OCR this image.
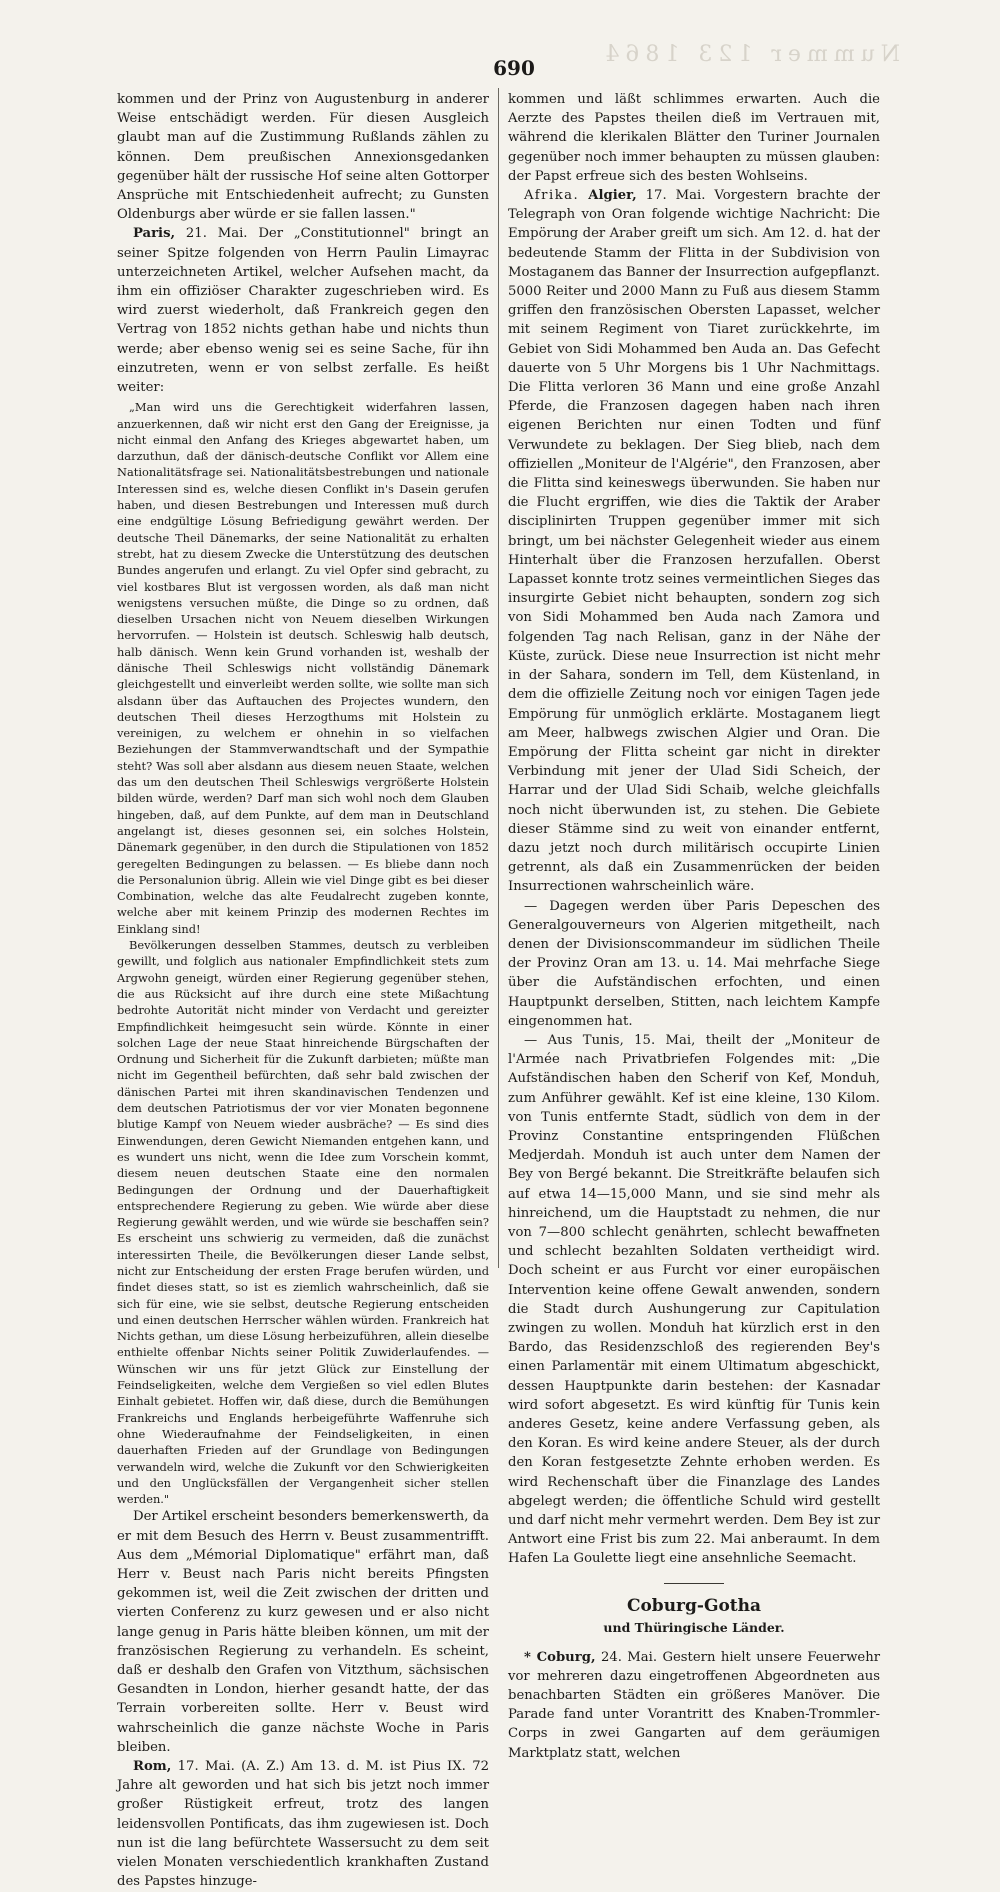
Nummer 123 1864
690

kommen und der Prinz von Augustenburg in anderer Weise entschädigt werden. Für diesen Ausgleich glaubt man auf die Zustimmung Rußlands zählen zu können. Dem preußischen Annexionsgedanken gegenüber hält der russische Hof seine alten Gottorper Ansprüche mit Entschiedenheit aufrecht; zu Gunsten Oldenburgs aber würde er sie fallen lassen."

Paris, 21. Mai. Der „Constitutionnel" bringt an seiner Spitze folgenden von Herrn Paulin Limayrac unterzeichneten Artikel, welcher Aufsehen macht, da ihm ein offiziöser Charakter zugeschrieben wird. Es wird zuerst wiederholt, daß Frankreich gegen den Vertrag von 1852 nichts gethan habe und nichts thun werde; aber ebenso wenig sei es seine Sache, für ihn einzutreten, wenn er von selbst zerfalle. Es heißt weiter:

„Man wird uns die Gerechtigkeit widerfahren lassen, anzuerkennen, daß wir nicht erst den Gang der Ereignisse, ja nicht einmal den Anfang des Krieges abgewartet haben, um darzuthun, daß der dänisch-deutsche Conflikt vor Allem eine Nationalitätsfrage sei. Nationalitätsbestrebungen und nationale Interessen sind es, welche diesen Conflikt in's Dasein gerufen haben, und diesen Bestrebungen und Interessen muß durch eine endgültige Lösung Befriedigung gewährt werden. Der deutsche Theil Dänemarks, der seine Nationalität zu erhalten strebt, hat zu diesem Zwecke die Unterstützung des deutschen Bundes angerufen und erlangt. Zu viel Opfer sind gebracht, zu viel kostbares Blut ist vergossen worden, als daß man nicht wenigstens versuchen müßte, die Dinge so zu ordnen, daß dieselben Ursachen nicht von Neuem dieselben Wirkungen hervorrufen. — Holstein ist deutsch. Schleswig halb deutsch, halb dänisch. Wenn kein Grund vorhanden ist, weshalb der dänische Theil Schleswigs nicht vollständig Dänemark gleichgestellt und einverleibt werden sollte, wie sollte man sich alsdann über das Auftauchen des Projectes wundern, den deutschen Theil dieses Herzogthums mit Holstein zu vereinigen, zu welchem er ohnehin in so vielfachen Beziehungen der Stammverwandtschaft und der Sympathie steht? Was soll aber alsdann aus diesem neuen Staate, welchen das um den deutschen Theil Schleswigs vergrößerte Holstein bilden würde, werden? Darf man sich wohl noch dem Glauben hingeben, daß, auf dem Punkte, auf dem man in Deutschland angelangt ist, dieses gesonnen sei, ein solches Holstein, Dänemark gegenüber, in den durch die Stipulationen von 1852 geregelten Bedingungen zu belassen. — Es bliebe dann noch die Personalunion übrig. Allein wie viel Dinge gibt es bei dieser Combination, welche das alte Feudalrecht zugeben konnte, welche aber mit keinem Prinzip des modernen Rechtes im Einklang sind!

Bevölkerungen desselben Stammes, deutsch zu verbleiben gewillt, und folglich aus nationaler Empfindlichkeit stets zum Argwohn geneigt, würden einer Regierung gegenüber stehen, die aus Rücksicht auf ihre durch eine stete Mißachtung bedrohte Autorität nicht minder von Verdacht und gereizter Empfindlichkeit heimgesucht sein würde. Könnte in einer solchen Lage der neue Staat hinreichende Bürgschaften der Ordnung und Sicherheit für die Zukunft darbieten; müßte man nicht im Gegentheil befürchten, daß sehr bald zwischen der dänischen Partei mit ihren skandinavischen Tendenzen und dem deutschen Patriotismus der vor vier Monaten begonnene blutige Kampf von Neuem wieder ausbräche? — Es sind dies Einwendungen, deren Gewicht Niemanden entgehen kann, und es wundert uns nicht, wenn die Idee zum Vorschein kommt, diesem neuen deutschen Staate eine den normalen Bedingungen der Ordnung und der Dauerhaftigkeit entsprechendere Regierung zu geben. Wie würde aber diese Regierung gewählt werden, und wie würde sie beschaffen sein? Es erscheint uns schwierig zu vermeiden, daß die zunächst interessirten Theile, die Bevölkerungen dieser Lande selbst, nicht zur Entscheidung der ersten Frage berufen würden, und findet dieses statt, so ist es ziemlich wahrscheinlich, daß sie sich für eine, wie sie selbst, deutsche Regierung entscheiden und einen deutschen Herrscher wählen würden. Frankreich hat Nichts gethan, um diese Lösung herbeizuführen, allein dieselbe enthielte offenbar Nichts seiner Politik Zuwiderlaufendes. — Wünschen wir uns für jetzt Glück zur Einstellung der Feindseligkeiten, welche dem Vergießen so viel edlen Blutes Einhalt gebietet. Hoffen wir, daß diese, durch die Bemühungen Frankreichs und Englands herbeigeführte Waffenruhe sich ohne Wiederaufnahme der Feindseligkeiten, in einen dauerhaften Frieden auf der Grundlage von Bedingungen verwandeln wird, welche die Zukunft vor den Schwierigkeiten und den Unglücksfällen der Vergangenheit sicher stellen werden."

Der Artikel erscheint besonders bemerkenswerth, da er mit dem Besuch des Herrn v. Beust zusammentrifft. Aus dem „Mémorial Diplomatique" erfährt man, daß Herr v. Beust nach Paris nicht bereits Pfingsten gekommen ist, weil die Zeit zwischen der dritten und vierten Conferenz zu kurz gewesen und er also nicht lange genug in Paris hätte bleiben können, um mit der französischen Regierung zu verhandeln. Es scheint, daß er deshalb den Grafen von Vitzthum, sächsischen Gesandten in London, hierher gesandt hatte, der das Terrain vorbereiten sollte. Herr v. Beust wird wahrscheinlich die ganze nächste Woche in Paris bleiben.

Rom, 17. Mai. (A. Z.) Am 13. d. M. ist Pius IX. 72 Jahre alt geworden und hat sich bis jetzt noch immer großer Rüstigkeit erfreut, trotz des langen leidensvollen Pontificats, das ihm zugewiesen ist. Doch nun ist die lang befürchtete Wassersucht zu dem seit vielen Monaten verschiedentlich krankhaften Zustand des Papstes hinzuge-

kommen und läßt schlimmes erwarten. Auch die Aerzte des Papstes theilen dieß im Vertrauen mit, während die klerikalen Blätter den Turiner Journalen gegenüber noch immer behaupten zu müssen glauben: der Papst erfreue sich des besten Wohlseins.

Afrika. Algier, 17. Mai. Vorgestern brachte der Telegraph von Oran folgende wichtige Nachricht: Die Empörung der Araber greift um sich. Am 12. d. hat der bedeutende Stamm der Flitta in der Subdivision von Mostaganem das Banner der Insurrection aufgepflanzt. 5000 Reiter und 2000 Mann zu Fuß aus diesem Stamm griffen den französischen Obersten Lapasset, welcher mit seinem Regiment von Tiaret zurückkehrte, im Gebiet von Sidi Mohammed ben Auda an. Das Gefecht dauerte von 5 Uhr Morgens bis 1 Uhr Nachmittags. Die Flitta verloren 36 Mann und eine große Anzahl Pferde, die Franzosen dagegen haben nach ihren eigenen Berichten nur einen Todten und fünf Verwundete zu beklagen. Der Sieg blieb, nach dem offiziellen „Moniteur de l'Algérie", den Franzosen, aber die Flitta sind keineswegs überwunden. Sie haben nur die Flucht ergriffen, wie dies die Taktik der Araber disciplinirten Truppen gegenüber immer mit sich bringt, um bei nächster Gelegenheit wieder aus einem Hinterhalt über die Franzosen herzufallen. Oberst Lapasset konnte trotz seines vermeintlichen Sieges das insurgirte Gebiet nicht behaupten, sondern zog sich von Sidi Mohammed ben Auda nach Zamora und folgenden Tag nach Relisan, ganz in der Nähe der Küste, zurück. Diese neue Insurrection ist nicht mehr in der Sahara, sondern im Tell, dem Küstenland, in dem die offizielle Zeitung noch vor einigen Tagen jede Empörung für unmöglich erklärte. Mostaganem liegt am Meer, halbwegs zwischen Algier und Oran. Die Empörung der Flitta scheint gar nicht in direkter Verbindung mit jener der Ulad Sidi Scheich, der Harrar und der Ulad Sidi Schaib, welche gleichfalls noch nicht überwunden ist, zu stehen. Die Gebiete dieser Stämme sind zu weit von einander entfernt, dazu jetzt noch durch militärisch occupirte Linien getrennt, als daß ein Zusammenrücken der beiden Insurrectionen wahrscheinlich wäre.

— Dagegen werden über Paris Depeschen des Generalgouverneurs von Algerien mitgetheilt, nach denen der Divisionscommandeur im südlichen Theile der Provinz Oran am 13. u. 14. Mai mehrfache Siege über die Aufständischen erfochten, und einen Hauptpunkt derselben, Stitten, nach leichtem Kampfe eingenommen hat.

— Aus Tunis, 15. Mai, theilt der „Moniteur de l'Armée nach Privatbriefen Folgendes mit: „Die Aufständischen haben den Scherif von Kef, Monduh, zum Anführer gewählt. Kef ist eine kleine, 130 Kilom. von Tunis entfernte Stadt, südlich von dem in der Provinz Constantine entspringenden Flüßchen Medjerdah. Monduh ist auch unter dem Namen der Bey von Bergé bekannt. Die Streitkräfte belaufen sich auf etwa 14—15,000 Mann, und sie sind mehr als hinreichend, um die Hauptstadt zu nehmen, die nur von 7—800 schlecht genährten, schlecht bewaffneten und schlecht bezahlten Soldaten vertheidigt wird. Doch scheint er aus Furcht vor einer europäischen Intervention keine offene Gewalt anwenden, sondern die Stadt durch Aushungerung zur Capitulation zwingen zu wollen. Monduh hat kürzlich erst in den Bardo, das Residenzschloß des regierenden Bey's einen Parlamentär mit einem Ultimatum abgeschickt, dessen Hauptpunkte darin bestehen: der Kasnadar wird sofort abgesetzt. Es wird künftig für Tunis kein anderes Gesetz, keine andere Verfassung geben, als den Koran. Es wird keine andere Steuer, als der durch den Koran festgesetzte Zehnte erhoben werden. Es wird Rechenschaft über die Finanzlage des Landes abgelegt werden; die öffentliche Schuld wird gestellt und darf nicht mehr vermehrt werden. Dem Bey ist zur Antwort eine Frist bis zum 22. Mai anberaumt. In dem Hafen La Goulette liegt eine ansehnliche Seemacht.

Coburg-Gotha
und Thüringische Länder.

* Coburg, 24. Mai. Gestern hielt unsere Feuerwehr vor mehreren dazu eingetroffenen Abgeordneten aus benachbarten Städten ein größeres Manöver. Die Parade fand unter Vorantritt des Knaben-Trommler-Corps in zwei Gangarten auf dem geräumigen Marktplatz statt, welchen
